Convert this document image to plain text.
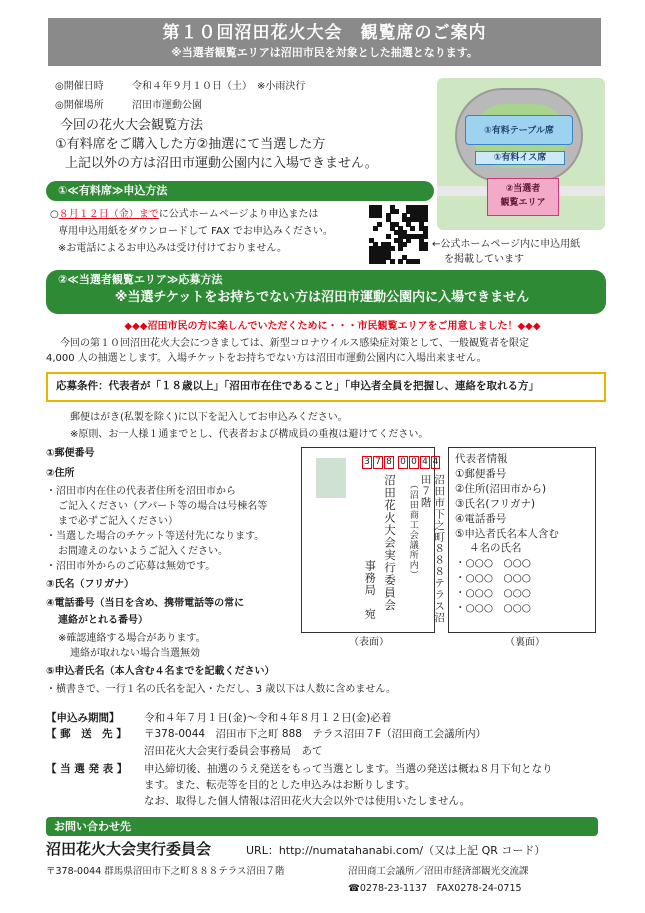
第１０回沼田花火大会　観覧席のご案内
※当選者観覧エリアは沼田市民を対象とした抽選となります。
◎開催日時	令和４年９月１０日（土）　※小雨決行
◎開催場所	沼田市運動公園
今回の花火大会観覧方法
①有料席をご購入した方②抽選にて当選した方
上記以外の方は沼田市運動公園内に入場できません。
①有料テーブル席
①有料イス席
②当選者
観覧エリア
①≪有料席≫申込方法
○８月１２日（金）までに公式ホームページより申込または
専用申込用紙をダウンロードして FAX でお申込みください。
※お電話によるお申込みは受け付けておりません。	←公式ホームページ内に申込用紙
を掲載しています
②≪当選者観覧エリア≫応募方法
※当選チケットをお持ちでない方は沼田市運動公園内に入場できません
◆◆◆沼田市民の方に楽しんでいただくために・・・市民観覧エリアをご用意しました！◆◆◆
今回の第１０回沼田花火大会につきましては、新型コロナウイルス感染症対策として、一般観覧者を限定
4,000 人の抽選とします。入場チケットをお持ちでない方は沼田市運動公園内に入場出来ません。
応募条件：代表者が「１８歳以上」「沼田市在住であること」「申込者全員を把握し、連絡を取れる方」
郵便はがき(私製を除く)に以下を記入してお申込みください。
※原則、お一人様１通までとし、代表者および構成員の重複は避けてください。
①郵便番号
②住所
・沼田市内在住の代表者住所を沼田市から
ご記入ください（アパート等の場合は号棟名等
まで必ずご記入ください）
・当選した場合のチケット等送付先になります。
お間違えのないようご記入ください。
・沼田市外からのご応募は無効です。
③氏名（フリガナ）
④電話番号（当日を含め、携帯電話等の常に
連絡がとれる番号）
※確認連絡する場合があります。
連絡が取れない場合当選無効
⑤申込者氏名（本人含む４名までを記載ください）
・横書きで、一行１名の氏名を記入・ただし、3 歳以下は人数に含めません。
3 7 8 0 0 4 4
沼田市下之町８８８テラス沼田７階
（沼田商工会議所内）
沼田花火大会実行委員会
事務局
宛
（表面）
代表者情報
①郵便番号
②住所(沼田市から)
③氏名(フリガナ)
④電話番号
⑤申込者氏名本人含む
４名の氏名
・○○○　○○○
・○○○　○○○
・○○○　○○○
・○○○　○○○
（裏面）
【申込み期間】 令和４年７月１日(金)～令和４年８月１２日(金)必着
【 郵　送　先 】 〒378-0044　沼田市下之町 888　テラス沼田７F（沼田商工会議所内）
沼田花火大会実行委員会事務局　あて
【 当 選 発 表 】 申込締切後、抽選のうえ発送をもって当選とします。当選の発送は概ね８月下旬となり
ます。また、転売等を目的とした申込みはお断りします。
なお、取得した個人情報は沼田花火大会以外では使用いたしません。
お問い合わせ先
沼田花火大会実行委員会	URL：http://numatahanabi.com/（又は上記 QR コード）
〒378-0044 群馬県沼田市下之町８８８テラス沼田７階	沼田商工会議所／沼田市経済部観光交流課
☎0278-23-1137　FAX0278-24-0715
